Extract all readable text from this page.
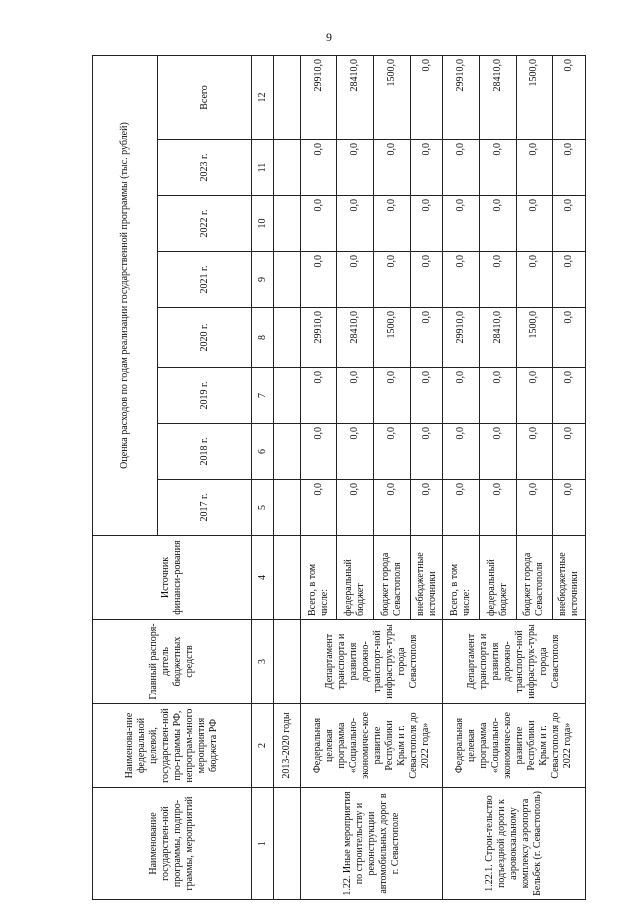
9
Наименование государствен-ной программы, подпро-граммы, мероприятий	Наименова-ние федеральной целевой, государствен-ной про-граммы РФ, непрограм-много мероприятия бюджета РФ	Главный распоря-дитель бюджетных средств	Источник финанси-рования	Оценка расходов по годам реализации государственной программы (тыс. рублей)							
				2017 г.	2018 г.	2019 г.	2020 г.	2021 г.	2022 г.	2023 г.	Всего
1	2	3	4	5	6	7	8	9	10	11	12
	2013-2020 годы										
1.22. Иные мероприятия по строительству и реконструкции автомобильных дорог в г. Севастополе	Федеральная целевая программа «Социально-экономичес-кое развитие Республики Крым и г. Севастополя до 2022 года»	Департамент транспорта и развития дорожно-транспорт-ной инфраструк-туры города Севастополя	Всего, в том числе:	0,0	0,0	0,0	29910,0	0,0	0,0	0,0	29910,0
			федеральный бюджет	0,0	0,0	0,0	28410,0	0,0	0,0	0,0	28410,0
			бюджет города Севастополя	0,0	0,0	0,0	1500,0	0,0	0,0	0,0	1500,0
			внебюджетные источники	0,0	0,0	0,0	0,0	0,0	0,0	0,0	0,0
1.22.1. Строи-тельство подъездной дороги к аэровокзальному комплексу аэропорта Бельбек (г. Севастополь)	Федеральная целевая программа «Социально-экономичес-кое развитие Республики Крым и г. Севастополя до 2022 года»	Департамент транспорта и развития дорожно-транспорт-ной инфраструк-туры города Севастополя	Всего, в том числе:	0,0	0,0	0,0	29910,0	0,0	0,0	0,0	29910,0
			федеральный бюджет	0,0	0,0	0,0	28410,0	0,0	0,0	0,0	28410,0
			бюджет города Севастополя	0,0	0,0	0,0	1500,0	0,0	0,0	0,0	1500,0
			внебюджетные источники	0,0	0,0	0,0	0,0	0,0	0,0	0,0	0,0
